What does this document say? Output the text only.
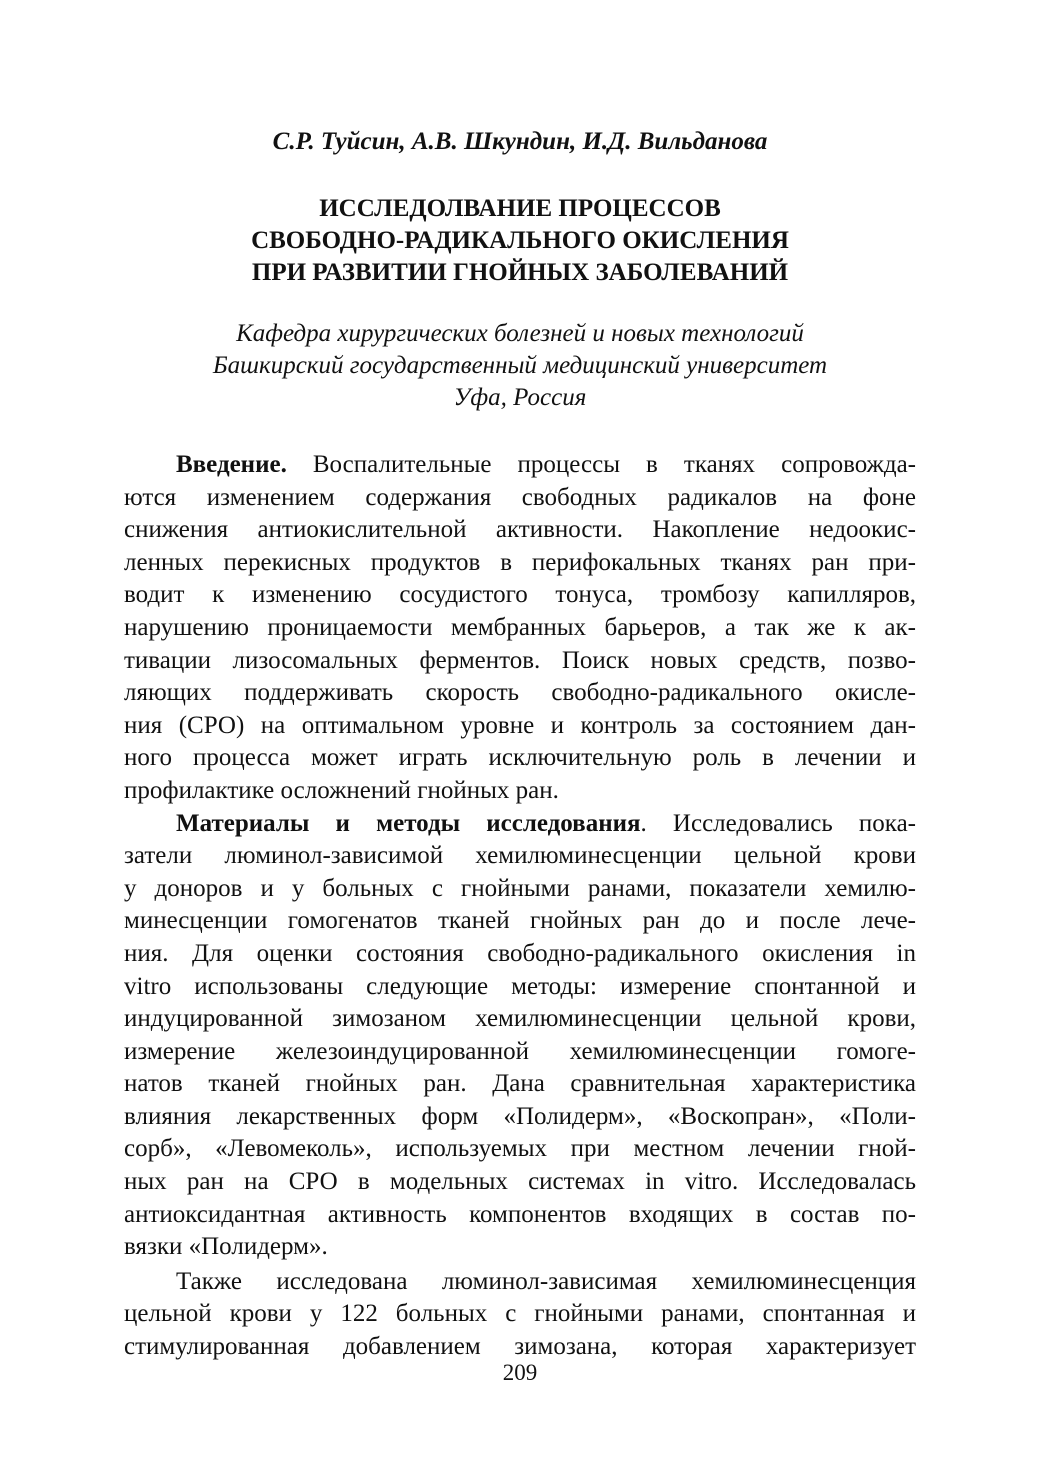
С.Р. Туйсин, А.В. Шкундин, И.Д. Вильданова
ИССЛЕДОЛВАНИЕ ПРОЦЕССОВ
СВОБОДНО-РАДИКАЛЬНОГО ОКИСЛЕНИЯ
ПРИ РАЗВИТИИ ГНОЙНЫХ ЗАБОЛЕВАНИЙ
Кафедра хирургических болезней и новых технологий
Башкирский государственный медицинский университет
Уфа, Россия
Введение. Воспалительные процессы в тканях сопровожда-
ются изменением содержания свободных радикалов на фоне
снижения антиокислительной активности. Накопление недоокис-
ленных перекисных продуктов в перифокальных тканях ран при-
водит к изменению сосудистого тонуса, тромбозу капилляров,
нарушению проницаемости мембранных барьеров, а так же к ак-
тивации лизосомальных ферментов. Поиск новых средств, позво-
ляющих поддерживать скорость свободно-радикального окисле-
ния (СРО) на оптимальном уровне и контроль за состоянием дан-
ного процесса может играть исключительную роль в лечении и
профилактике осложнений гнойных ран.
Материалы и методы исследования. Исследовались пока-
затели люминол-зависимой хемилюминесценции цельной крови
у доноров и у больных с гнойными ранами, показатели хемилю-
минесценции гомогенатов тканей гнойных ран до и после лече-
ния. Для оценки состояния свободно-радикального окисления in
vitro использованы следующие методы: измерение спонтанной и
индуцированной зимозаном хемилюминесценции цельной крови,
измерение железоиндуцированной хемилюминесценции гомоге-
натов тканей гнойных ран. Дана сравнительная характеристика
влияния лекарственных форм «Полидерм», «Воскопран», «Поли-
сорб», «Левомеколь», используемых при местном лечении гной-
ных ран на СРО в модельных системах in vitro. Исследовалась
антиоксидантная активность компонентов входящих в состав по-
вязки «Полидерм».
Также исследована люминол-зависимая хемилюминесценция
цельной крови у 122 больных с гнойными ранами, спонтанная и
стимулированная добавлением зимозана, которая характеризует
209
